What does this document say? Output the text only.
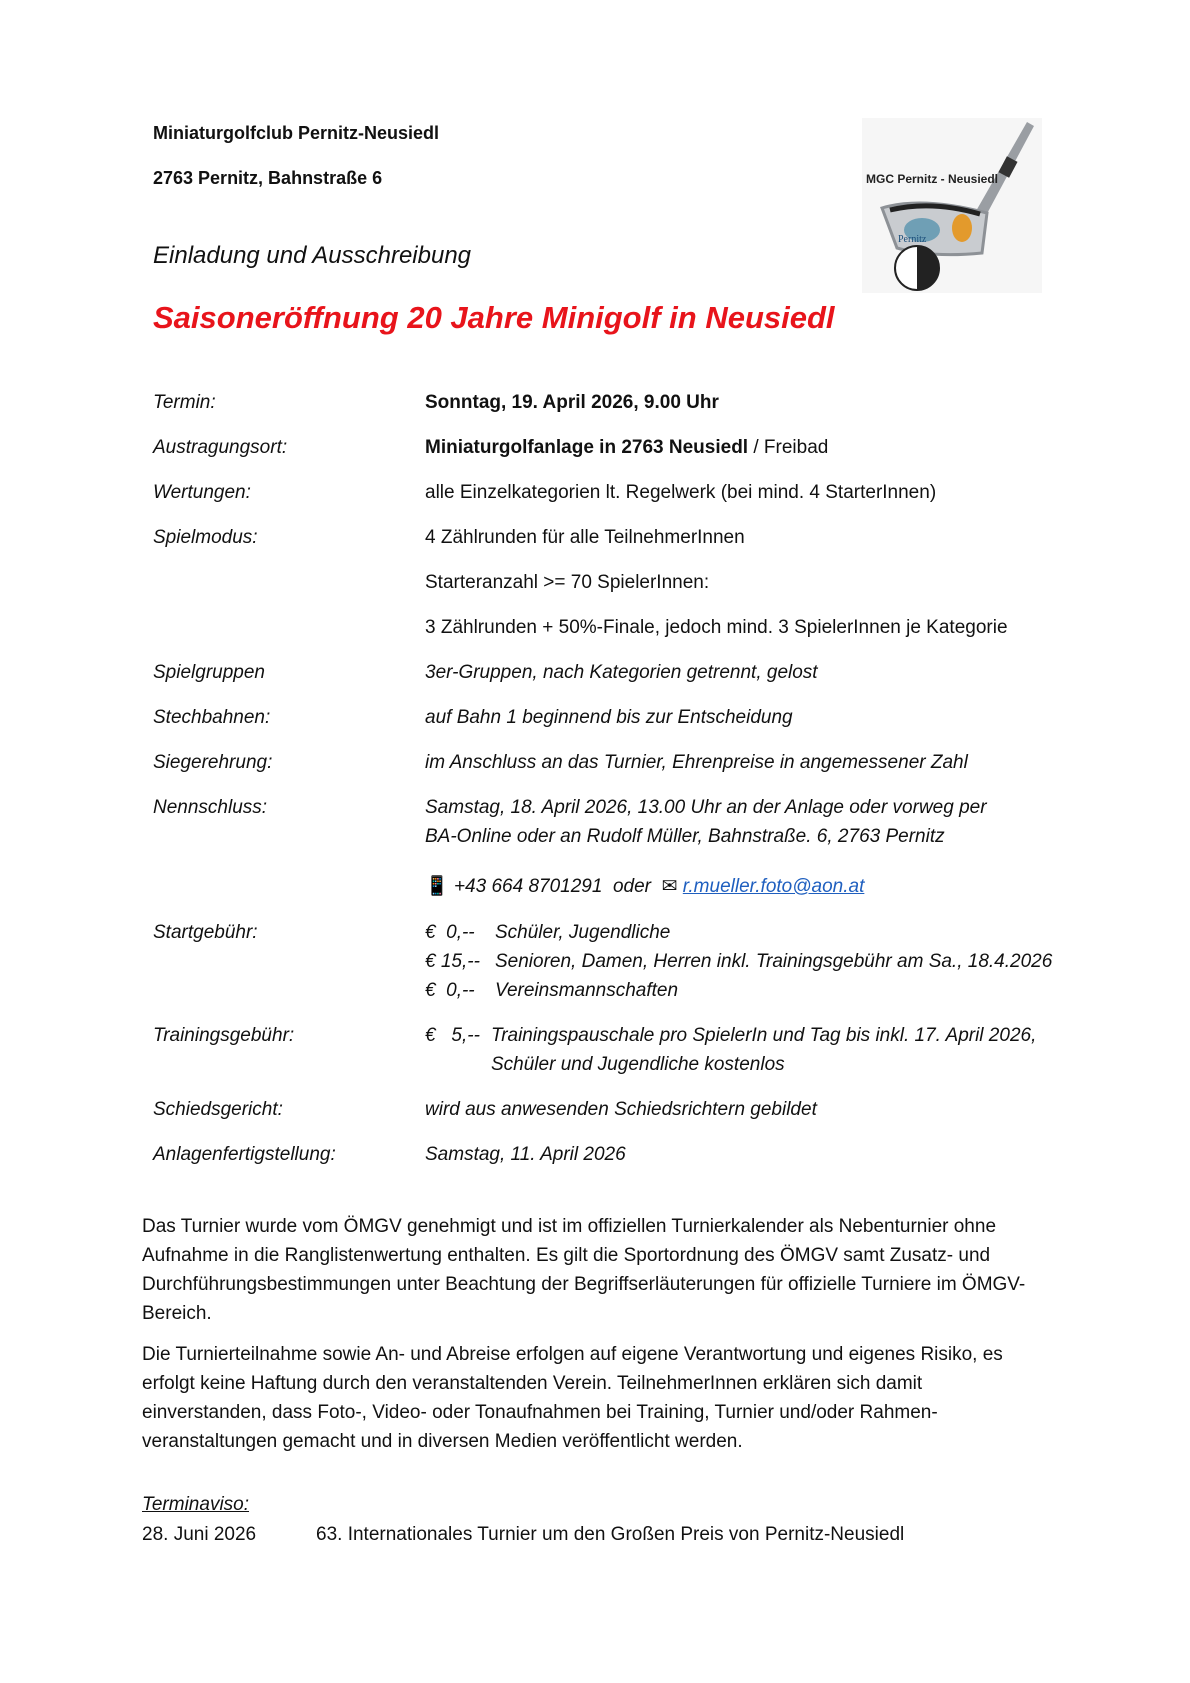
Miniaturgolfclub Pernitz-Neusiedl
2763 Pernitz, Bahnstraße 6	MGC Pernitz - Neusiedl
Pernitz
Einladung und Ausschreibung
Saisoneröffnung 20 Jahre Minigolf in Neusiedl
Termin:	Sonntag, 19. April 2026, 9.00 Uhr
Austragungsort:	Miniaturgolfanlage in 2763 Neusiedl / Freibad
Wertungen:	alle Einzelkategorien lt. Regelwerk (bei mind. 4 StarterInnen)
Spielmodus:	4 Zählrunden für alle TeilnehmerInnen
Starteranzahl >= 70 SpielerInnen:
3 Zählrunden + 50%-Finale, jedoch mind. 3 SpielerInnen je Kategorie
Spielgruppen	3er-Gruppen, nach Kategorien getrennt, gelost
Stechbahnen:	auf Bahn 1 beginnend bis zur Entscheidung
Siegerehrung:	im Anschluss an das Turnier, Ehrenpreise in angemessener Zahl
Nennschluss:	Samstag, 18. April 2026, 13.00 Uhr an der Anlage oder vorweg per
BA-Online oder an Rudolf Müller, Bahnstraße. 6, 2763 Pernitz
📱 +43 664 8701291 oder ✉ r.mueller.foto@aon.at
Startgebühr:	€  0,-- Schüler, Jugendliche
€ 15,-- Senioren, Damen, Herren inkl. Trainingsgebühr am Sa., 18.4.2026
€  0,-- Vereinsmannschaften
Trainingsgebühr:	€   5,-- Trainingspauschale pro SpielerIn und Tag bis inkl. 17. April 2026,
Schüler und Jugendliche kostenlos
Schiedsgericht:	wird aus anwesenden Schiedsrichtern gebildet
Anlagenfertigstellung:	Samstag, 11. April 2026

Das Turnier wurde vom ÖMGV genehmigt und ist im offiziellen Turnierkalender als Nebenturnier ohne Aufnahme in die Ranglistenwertung enthalten. Es gilt die Sportordnung des ÖMGV samt Zusatz- und Durchführungsbestimmungen unter Beachtung der Begriffserläuterungen für offizielle Turniere im ÖMGV-Bereich.

Die Turnierteilnahme sowie An- und Abreise erfolgen auf eigene Verantwortung und eigenes Risiko, es erfolgt keine Haftung durch den veranstaltenden Verein. TeilnehmerInnen erklären sich damit einverstanden, dass Foto-, Video- oder Tonaufnahmen bei Training, Turnier und/oder Rahmen-veranstaltungen gemacht und in diversen Medien veröffentlicht werden.

Terminaviso:
28. Juni 2026	63. Internationales Turnier um den Großen Preis von Pernitz-Neusiedl
